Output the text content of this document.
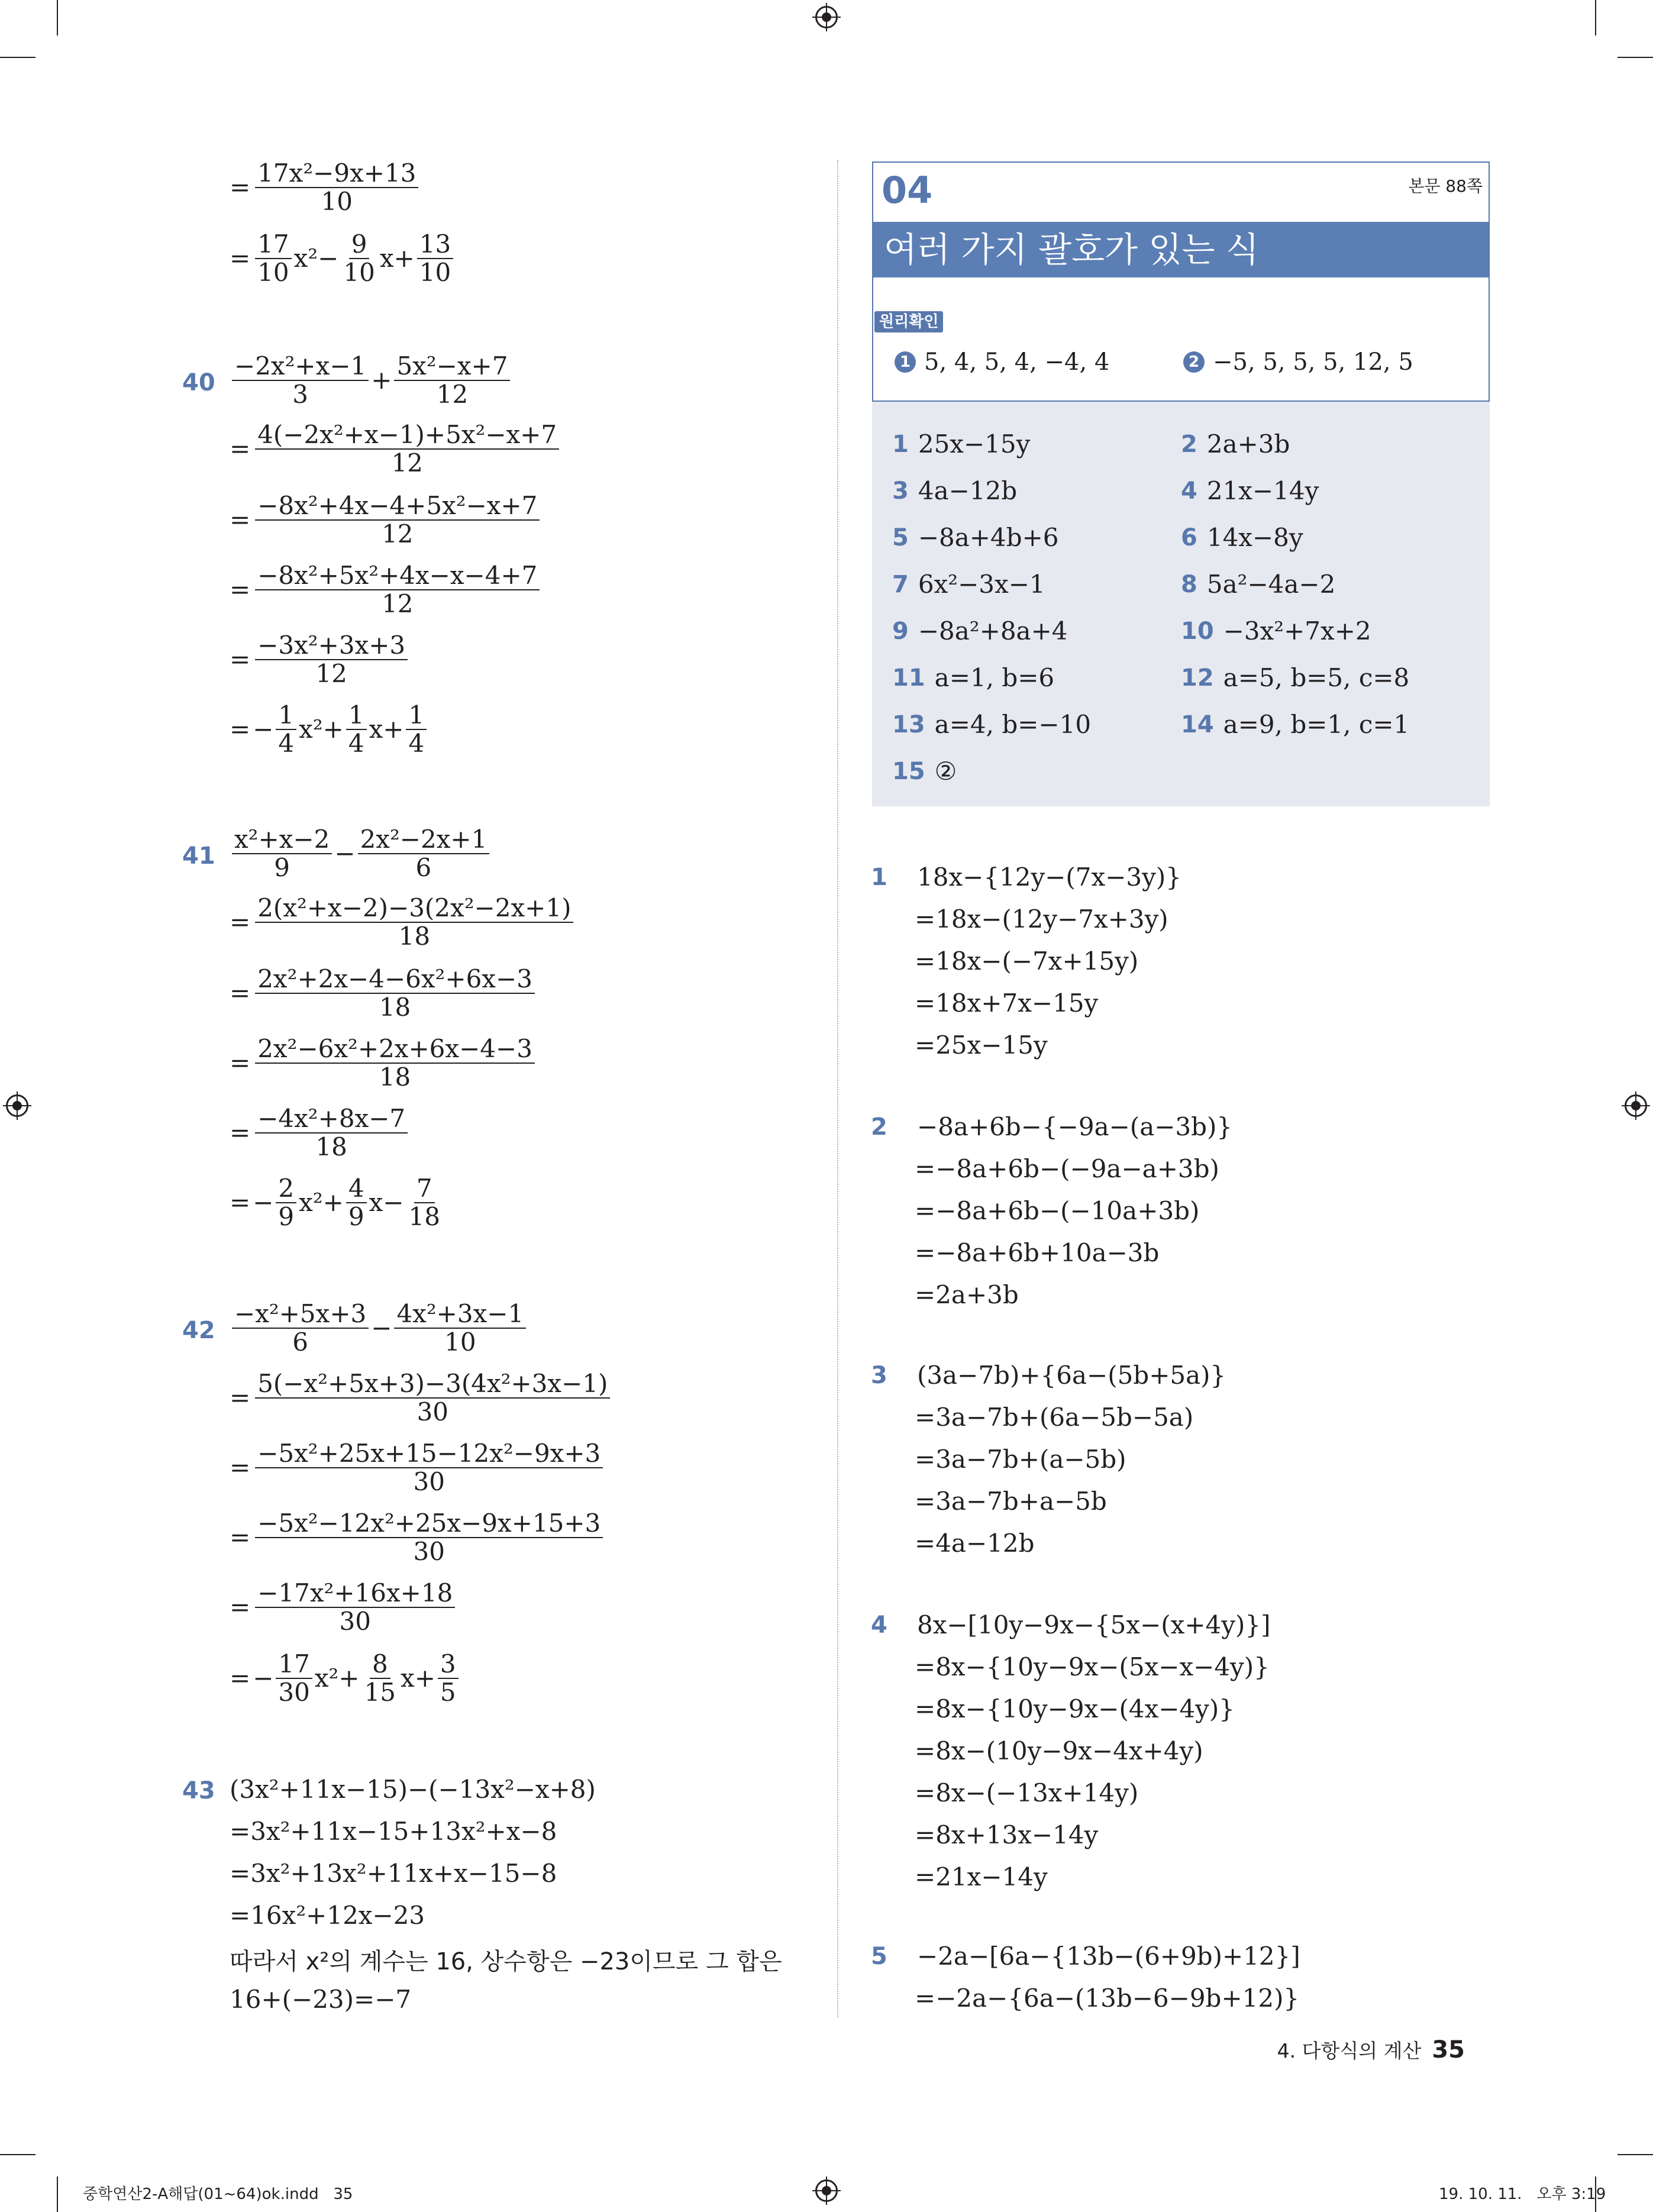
= $\frac{\text{17x²−9x+13}}{10}$
= $\frac{17}{10} x^2- \frac{9}{10} x+ \frac{13}{10}$
$40 \frac{\text{−2x²+x−1}}{3} + \frac{\text{5x²−x+7}}{12}$
= $\frac{\text{4(−2x²+x−1)+5x²−x+7}}{12}$
= $\frac{\text{−8x²+4x−4+5x²−x+7}}{12}$
= $\frac{\text{−8x²+5x²+4x−x−4+7}}{12}$
= $\frac{\text{−3x²+3x+3}}{12}$
= − $\frac{1}{4} x^2+ \frac{1}{4} x+ \frac{1}{4}$
$41 \frac{\text{x²+x−2}}{9} - \frac{\text{2x²−2x+1}}{6}$
= $\frac{\text{2(x²+x−2)−3(2x²−2x+1)}}{18}$
= $\frac{\text{2x²+2x−4−6x²+6x−3}}{18}$
= $\frac{\text{2x²−6x²+2x+6x−4−3}}{18}$
= $\frac{\text{−4x²+8x−7}}{18}$
= − $\frac{2}{9} x^2+ \frac{4}{9} x- \frac{7}{18}$
$42 \frac{\text{−x²+5x+3}}{6} - \frac{\text{4x²+3x−1}}{10}$
= $\frac{\text{5(−x²+5x+3)−3(4x²+3x−1)}}{30}$
= $\frac{\text{−5x²+25x+15−12x²−9x+3}}{30}$
= $\frac{\text{−5x²−12x²+25x−9x+15+3}}{30}$
= $\frac{\text{−17x²+16x+18}}{30}$
= − $\frac{17}{30} x^2+ \frac{8}{15} x+ \frac{3}{5}$
43 (3x²+11x−15)−(−13x²−x+8)
=3x²+11x−15+13x²+x−8
=3x²+13x²+11x+x−15−8
=16x²+12x−23
따라서 x²의 계수는 16, 상수항은 −23이므로 그 합은
16+(−23)=−7
04	본문 88쪽
여러 가지 괄호가 있는 식
원리확인
1 5, 4, 5, 4, −4, 4	2 −5, 5, 5, 5, 12, 5
1 25x−15y	2 2a+3b
3 4a−12b	4 21x−14y
5 −8a+4b+6	6 14x−8y
7 6x²−3x−1	8 5a²−4a−2
9 −8a²+8a+4	10 −3x²+7x+2
11 a=1, b=6	12 a=5, b=5, c=8
13 a=4, b=−10	14 a=9, b=1, c=1
15 ②
1 18x−{12y−(7x−3y)}
=18x−(12y−7x+3y)
=18x−(−7x+15y)
=18x+7x−15y
=25x−15y
2 −8a+6b−{−9a−(a−3b)}
=−8a+6b−(−9a−a+3b)
=−8a+6b−(−10a+3b)
=−8a+6b+10a−3b
=2a+3b
3 (3a−7b)+{6a−(5b+5a)}
=3a−7b+(6a−5b−5a)
=3a−7b+(a−5b)
=3a−7b+a−5b
=4a−12b
4 8x−[10y−9x−{5x−(x+4y)}]
=8x−{10y−9x−(5x−x−4y)}
=8x−{10y−9x−(4x−4y)}
=8x−(10y−9x−4x+4y)
=8x−(−13x+14y)
=8x+13x−14y
=21x−14y
5 −2a−[6a−{13b−(6+9b)+12}]
=−2a−{6a−(13b−6−9b+12)}
4. 다항식의 계산 35
중학연산2-A해답(01~64)ok.indd   35	19. 10. 11.   오후 3:19
